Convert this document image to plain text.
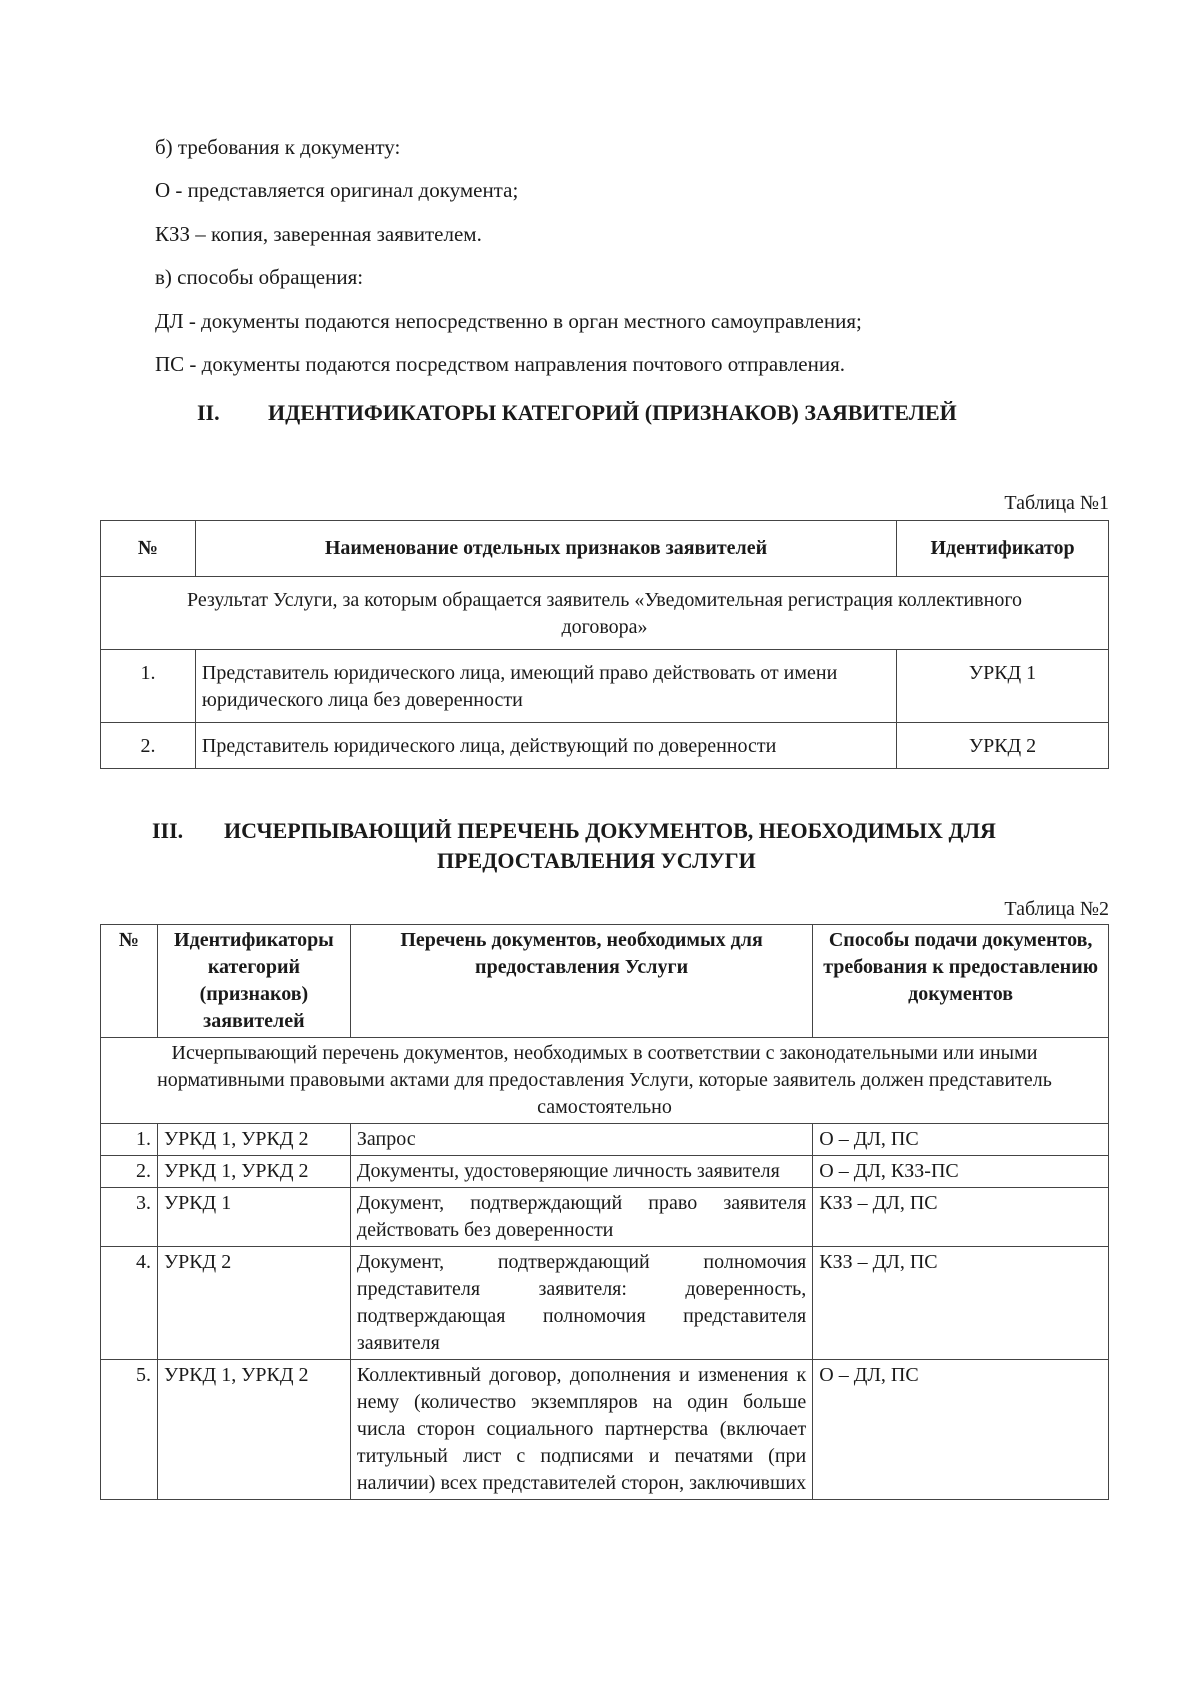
б) требования к документу:
О - представляется оригинал документа;
КЗЗ – копия, заверенная заявителем.
в) способы обращения:
ДЛ - документы подаются непосредственно в орган местного самоуправления;
ПС - документы подаются посредством направления почтового отправления.
II. ИДЕНТИФИКАТОРЫ КАТЕГОРИЙ (ПРИЗНАКОВ) ЗАЯВИТЕЛЕЙ
Таблица №1
№	Наименование отдельных признаков заявителей	Идентификатор
Результат Услуги, за которым обращается заявитель «Уведомительная регистрация коллективного договора»		
1.	Представитель юридического лица, имеющий право действовать от имени юридического лица без доверенности	УРКД 1
2.	Представитель юридического лица, действующий по доверенности	УРКД 2
III. ИСЧЕРПЫВАЮЩИЙ ПЕРЕЧЕНЬ ДОКУМЕНТОВ, НЕОБХОДИМЫХ ДЛЯ
ПРЕДОСТАВЛЕНИЯ УСЛУГИ
Таблица №2
№	Идентификаторы категорий (признаков) заявителей	Перечень документов, необходимых для предоставления Услуги	Способы подачи документов, требования к предоставлению документов
Исчерпывающий перечень документов, необходимых в соответствии с законодательными или иными нормативными правовыми актами для предоставления Услуги, которые заявитель должен представитель самостоятельно			
1.	УРКД 1, УРКД 2	Запрос	О – ДЛ, ПС
2.	УРКД 1, УРКД 2	Документы, удостоверяющие личность заявителя	О – ДЛ, КЗЗ-ПС
3.	УРКД 1	Документ, подтверждающий право заявителя действовать без доверенности	КЗЗ – ДЛ, ПС
4.	УРКД 2	Документ, подтверждающий полномочия представителя заявителя: доверенность, подтверждающая полномочия представителя заявителя	КЗЗ – ДЛ, ПС
5.	УРКД 1, УРКД 2	Коллективный договор, дополнения и изменения к нему (количество экземпляров на один больше числа сторон социального партнерства (включает титульный лист с подписями и печатями (при наличии) всех представителей сторон, заключивших	О – ДЛ, ПС
